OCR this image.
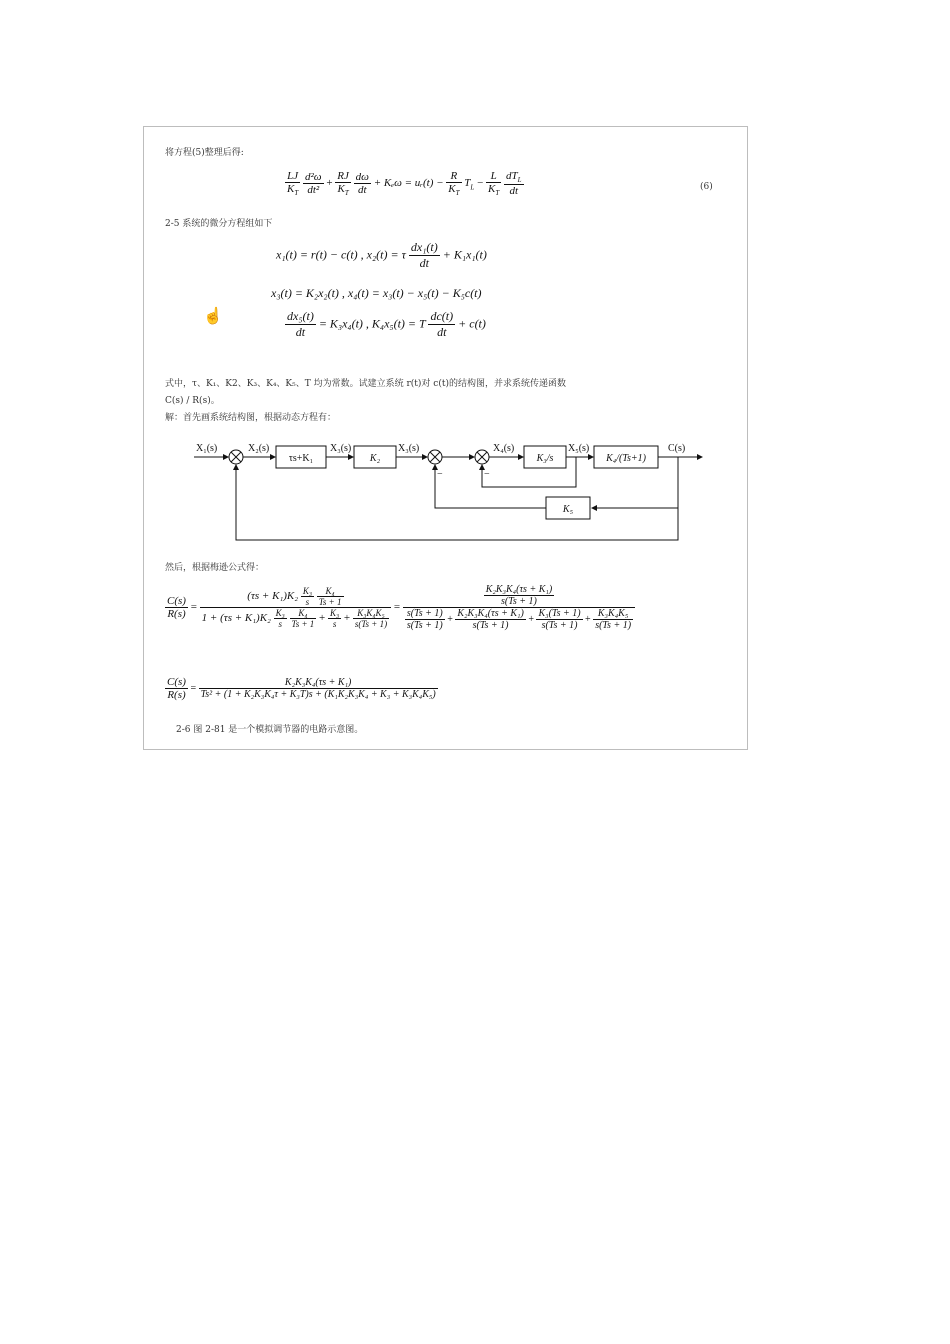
将方程(5)整理后得:
$\frac{LJ}{K_T}$
$\frac{\text{d²ω}}{\text{dt²}} + \frac{RJ}{K_T}$
$\frac{d\omega}{dt} + K_e\omega$ = uᵣ(t) − $\frac{R}{K_T} T_L - \frac{L}{K_T}$
$\frac{dT_L}{dt}$	(6)
2-5 系统的微分方程组如下
x₁(t) = r(t) − c(t) , x₂(t) = τ $\frac{\text{dx₁(t)}}{dt} + K_1x_1(t)$
x₃(t) = K₂x₂(t) , x₄(t) = x₃(t) − x₅(t) − K₅c(t)
☝	$\frac{\text{dx₅(t)}}{dt} = K_3x_4(t)$ , K₄x₅(t) = T $\frac{dc(t)}{dt} + c(t)$
式中，τ、K₁、K2、K₃、K₄、K₅、T 均为常数。试建立系统 r(t)对 c(t)的结构图，并求系统传递函数
C(s) / R(s)。
解：首先画系统结构图，根据动态方程有：
X₁(s)	X₂(s)	X₃(s)	X₃(s)	X₄(s)	X₅(s)	C(s)
τs+K₁	K₂	K₃/s	K₄/(Ts+1)
K₅
−	−
然后，根据梅逊公式得：
$\frac{C(s)}{R(s)}$ =
$(\tau s + K_1)K_2 \frac{\text{K₃}}{s}$
$\frac{\text{K₄}}{Ts + 1}$
$1 + (\tau s + K_1)K_2 \frac{\text{K₃}}{s}$
$\frac{\text{K₄}}{Ts + 1} + \frac{\text{K₃}}{s} + \frac{\text{K₃K₄K₅}}{s(Ts + 1)}$
=
$\frac{\text{K₂K₃K₄(τs + K₁)}}{s(Ts + 1)}$
$\frac{s(Ts + 1)}{s(Ts + 1)} + \frac{\text{K₂K₃K₄(τs + K₁)}}{s(Ts + 1)} + \frac{\text{K₃(Ts + 1)}}{s(Ts + 1)} + \frac{\text{K₃K₄K₅}}{s(Ts + 1)}$
$\frac{C(s)}{R(s)} = \frac{\text{K₂K₃K₄(τs + K₁)}}{\text{Ts² + (1 + K₂K₃K₄τ + K₃T)s + (K₁K₂K₃K₄ + K₃ + K₃K₄K₅)}}$
2-6 图 2-81 是一个模拟调节器的电路示意图。
